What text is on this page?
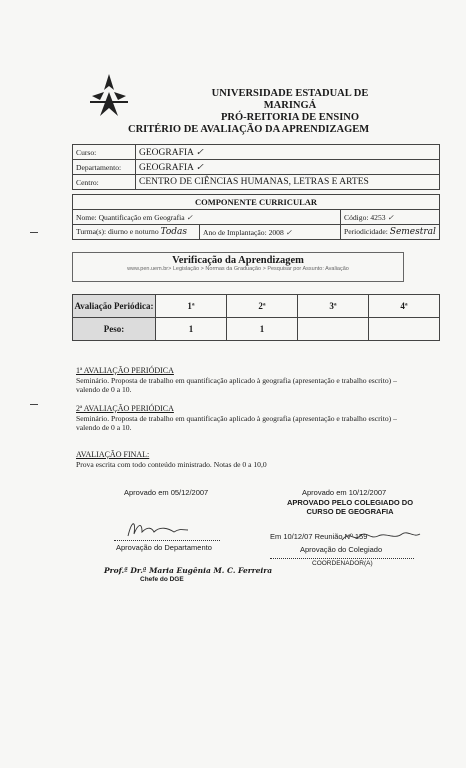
UNIVERSIDADE ESTADUAL DE MARINGÁ
PRÓ-REITORIA DE ENSINO
CRITÉRIO DE AVALIAÇÃO DA APRENDIZAGEM
Curso:	GEOGRAFIA ✓
Departamento:	GEOGRAFIA ✓
Centro:	CENTRO DE CIÊNCIAS HUMANAS, LETRAS E ARTES
COMPONENTE CURRICULAR		
Nome: Quantificação em Geografia ✓		Código: 4253 ✓
Turma(s): diurno e noturno Todas	Ano de Implantação: 2008 ✓	Periodicidade: Semestral
Verificação da Aprendizagem
www.pen.uem.br> Legislação > Normas da Graduação > Pesquisar por Assunto: Avaliação
Avaliação Periódica:	1ª	2ª	3ª	4ª
Peso:	1	1		
1ª AVALIAÇÃO PERIÓDICA
Seminário. Proposta de trabalho em quantificação aplicado à geografia (apresentação e trabalho escrito) – valendo de 0 a 10.
2ª AVALIAÇÃO PERIÓDICA
Seminário. Proposta de trabalho em quantificação aplicado à geografia (apresentação e trabalho escrito) – valendo de 0 a 10.
AVALIAÇÃO FINAL:
Prova escrita com todo conteúdo ministrado. Notas de 0 a 10,0
Aprovado em 05/12/2007
Aprovação do Departamento
Prof.ª Dr.ª Maria Eugênia M. C. Ferreira
Chefe do DGE
Aprovado em 10/12/2007
APROVADO PELO COLEGIADO DO
CURSO DE GEOGRAFIA
Em 10/12/07 Reunião Nº 159
Aprovação do Colegiado
COORDENADOR(A)
